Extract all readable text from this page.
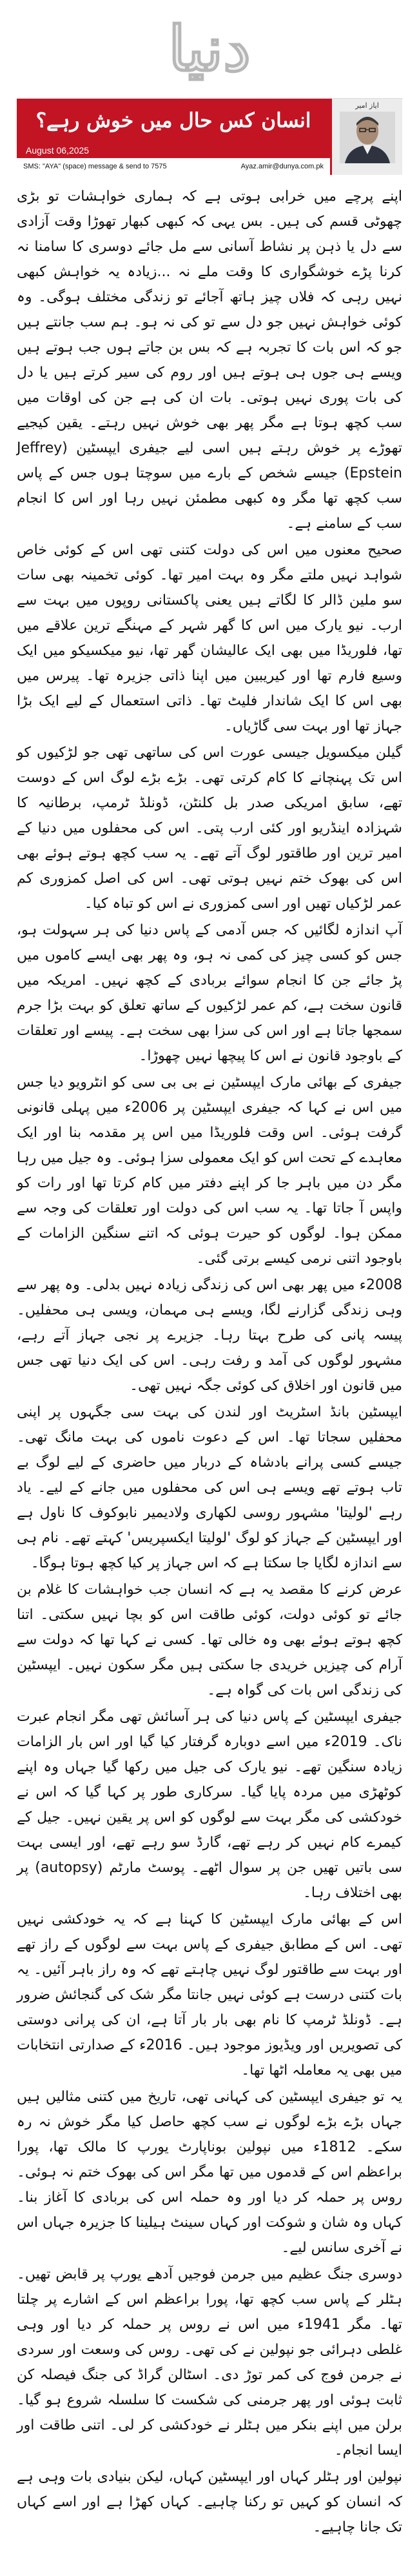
دنیا
انسان کس حال میں خوش رہے؟
August 06,2025
SMS: "AYA" (space) message & send to 7575	Ayaz.amir@dunya.com.pk
ایاز امیر

اپنے پرچے میں خرابی ہوتی ہے کہ ہماری خواہشات تو بڑی چھوٹی قسم کی ہیں۔ بس یہی کہ کبھی کبھار تھوڑا وقت آزادی سے دل یا ذہن پر نشاط آسانی سے مل جائے دوسری کا سامنا نہ کرنا پڑے خوشگواری کا وقت ملے نہ ...زیادہ یہ خواہش کبھی نہیں رہی کہ فلاں چیز ہاتھ آجائے تو زندگی مختلف ہوگی۔ وہ کوئی خواہش نہیں جو دل سے تو کی نہ ہو۔ ہم سب جانتے ہیں جو کہ اس بات کا تجربہ ہے کہ بس بن جاتے ہوں جب ہوتے ہیں ویسے ہی جوں ہی ہوتے ہیں اور روم کی سیر کرتے ہیں یا دل کی بات پوری نہیں ہوتی۔ بات ان کی ہے جن کی اوقات میں سب کچھ ہوتا ہے مگر پھر بھی خوش نہیں رہتے۔ یقین کیجیے تھوڑے پر خوش رہتے ہیں اسی لیے جیفری ایپسٹین (Jeffrey Epstein) جیسے شخص کے بارے میں سوچتا ہوں جس کے پاس سب کچھ تھا مگر وہ کبھی مطمئن نہیں رہا اور اس کا انجام سب کے سامنے ہے۔

صحیح معنوں میں اس کی دولت کتنی تھی اس کے کوئی خاص شواہد نہیں ملتے مگر وہ بہت امیر تھا۔ کوئی تخمینہ بھی سات سو ملین ڈالر کا لگاتے ہیں یعنی پاکستانی روپوں میں بہت سے ارب۔ نیو یارک میں اس کا گھر شہر کے مہنگے ترین علاقے میں تھا، فلوریڈا میں بھی ایک عالیشان گھر تھا، نیو میکسیکو میں ایک وسیع فارم تھا اور کیریبین میں اپنا ذاتی جزیرہ تھا۔ پیرس میں بھی اس کا ایک شاندار فلیٹ تھا۔ ذاتی استعمال کے لیے ایک بڑا جہاز تھا اور بہت سی گاڑیاں۔

گیلن میکسویل جیسی عورت اس کی ساتھی تھی جو لڑکیوں کو اس تک پہنچانے کا کام کرتی تھی۔ بڑے بڑے لوگ اس کے دوست تھے، سابق امریکی صدر بل کلنٹن، ڈونلڈ ٹرمپ، برطانیہ کا شہزادہ اینڈریو اور کئی ارب پتی۔ اس کی محفلوں میں دنیا کے امیر ترین اور طاقتور لوگ آتے تھے۔ یہ سب کچھ ہوتے ہوئے بھی اس کی بھوک ختم نہیں ہوتی تھی۔ اس کی اصل کمزوری کم عمر لڑکیاں تھیں اور اسی کمزوری نے اس کو تباہ کیا۔

آپ اندازہ لگائیں کہ جس آدمی کے پاس دنیا کی ہر سہولت ہو، جس کو کسی چیز کی کمی نہ ہو، وہ پھر بھی ایسے کاموں میں پڑ جائے جن کا انجام سوائے بربادی کے کچھ نہیں۔ امریکہ میں قانون سخت ہے، کم عمر لڑکیوں کے ساتھ تعلق کو بہت بڑا جرم سمجھا جاتا ہے اور اس کی سزا بھی سخت ہے۔ پیسے اور تعلقات کے باوجود قانون نے اس کا پیچھا نہیں چھوڑا۔

جیفری کے بھائی مارک ایپسٹین نے بی بی سی کو انٹرویو دیا جس میں اس نے کہا کہ جیفری ایپسٹین پر 2006ء میں پہلی قانونی گرفت ہوئی۔ اس وقت فلوریڈا میں اس پر مقدمہ بنا اور ایک معاہدے کے تحت اس کو ایک معمولی سزا ہوئی۔ وہ جیل میں رہا مگر دن میں باہر جا کر اپنے دفتر میں کام کرتا تھا اور رات کو واپس آ جاتا تھا۔ یہ سب اس کی دولت اور تعلقات کی وجہ سے ممکن ہوا۔ لوگوں کو حیرت ہوئی کہ اتنے سنگین الزامات کے باوجود اتنی نرمی کیسے برتی گئی۔

2008ء میں پھر بھی اس کی زندگی زیادہ نہیں بدلی۔ وہ پھر سے وہی زندگی گزارنے لگا، ویسے ہی مہمان، ویسی ہی محفلیں۔ پیسہ پانی کی طرح بہتا رہا۔ جزیرے پر نجی جہاز آتے رہے، مشہور لوگوں کی آمد و رفت رہی۔ اس کی ایک دنیا تھی جس میں قانون اور اخلاق کی کوئی جگہ نہیں تھی۔

ایپسٹین بانڈ اسٹریٹ اور لندن کی بہت سی جگہوں پر اپنی محفلیں سجاتا تھا۔ اس کے دعوت ناموں کی بہت مانگ تھی۔ جیسے کسی پرانے بادشاہ کے دربار میں حاضری کے لیے لوگ بے تاب ہوتے تھے ویسے ہی اس کی محفلوں میں جانے کے لیے۔ یاد رہے 'لولیتا' مشہور روسی لکھاری ولادیمیر نابوکوف کا ناول ہے اور ایپسٹین کے جہاز کو لوگ 'لولیتا ایکسپریس' کہتے تھے۔ نام ہی سے اندازہ لگایا جا سکتا ہے کہ اس جہاز پر کیا کچھ ہوتا ہوگا۔

عرض کرنے کا مقصد یہ ہے کہ انسان جب خواہشات کا غلام بن جائے تو کوئی دولت، کوئی طاقت اس کو بچا نہیں سکتی۔ اتنا کچھ ہوتے ہوئے بھی وہ خالی تھا۔ کسی نے کہا تھا کہ دولت سے آرام کی چیزیں خریدی جا سکتی ہیں مگر سکون نہیں۔ ایپسٹین کی زندگی اس بات کی گواہ ہے۔

جیفری ایپسٹین کے پاس دنیا کی ہر آسائش تھی مگر انجام عبرت ناک۔ 2019ء میں اسے دوبارہ گرفتار کیا گیا اور اس بار الزامات زیادہ سنگین تھے۔ نیو یارک کی جیل میں رکھا گیا جہاں وہ اپنے کوٹھڑی میں مردہ پایا گیا۔ سرکاری طور پر کہا گیا کہ اس نے خودکشی کی مگر بہت سے لوگوں کو اس پر یقین نہیں۔ جیل کے کیمرے کام نہیں کر رہے تھے، گارڈ سو رہے تھے، اور ایسی بہت سی باتیں تھیں جن پر سوال اٹھے۔ پوسٹ مارٹم (autopsy) پر بھی اختلاف رہا۔

اس کے بھائی مارک ایپسٹین کا کہنا ہے کہ یہ خودکشی نہیں تھی۔ اس کے مطابق جیفری کے پاس بہت سے لوگوں کے راز تھے اور بہت سے طاقتور لوگ نہیں چاہتے تھے کہ وہ راز باہر آئیں۔ یہ بات کتنی درست ہے کوئی نہیں جانتا مگر شک کی گنجائش ضرور ہے۔ ڈونلڈ ٹرمپ کا نام بھی بار بار آتا ہے، ان کی پرانی دوستی کی تصویریں اور ویڈیوز موجود ہیں۔ 2016ء کے صدارتی انتخابات میں بھی یہ معاملہ اٹھا تھا۔

یہ تو جیفری ایپسٹین کی کہانی تھی، تاریخ میں کتنی مثالیں ہیں جہاں بڑے بڑے لوگوں نے سب کچھ حاصل کیا مگر خوش نہ رہ سکے۔ 1812ء میں نپولین بوناپارٹ یورپ کا مالک تھا، پورا براعظم اس کے قدموں میں تھا مگر اس کی بھوک ختم نہ ہوئی۔ روس پر حملہ کر دیا اور وہ حملہ اس کی بربادی کا آغاز بنا۔ کہاں وہ شان و شوکت اور کہاں سینٹ ہیلینا کا جزیرہ جہاں اس نے آخری سانس لیے۔

دوسری جنگ عظیم میں جرمن فوجیں آدھے یورپ پر قابض تھیں۔ ہٹلر کے پاس سب کچھ تھا، پورا براعظم اس کے اشارے پر چلتا تھا۔ مگر 1941ء میں اس نے روس پر حملہ کر دیا اور وہی غلطی دہرائی جو نپولین نے کی تھی۔ روس کی وسعت اور سردی نے جرمن فوج کی کمر توڑ دی۔ اسٹالن گراڈ کی جنگ فیصلہ کن ثابت ہوئی اور پھر جرمنی کی شکست کا سلسلہ شروع ہو گیا۔ برلن میں اپنے بنکر میں ہٹلر نے خودکشی کر لی۔ اتنی طاقت اور ایسا انجام۔

نپولین اور ہٹلر کہاں اور ایپسٹین کہاں، لیکن بنیادی بات وہی ہے کہ انسان کو کہیں تو رکنا چاہیے۔ کہاں کھڑا ہے اور اسے کہاں تک جانا چاہیے۔
